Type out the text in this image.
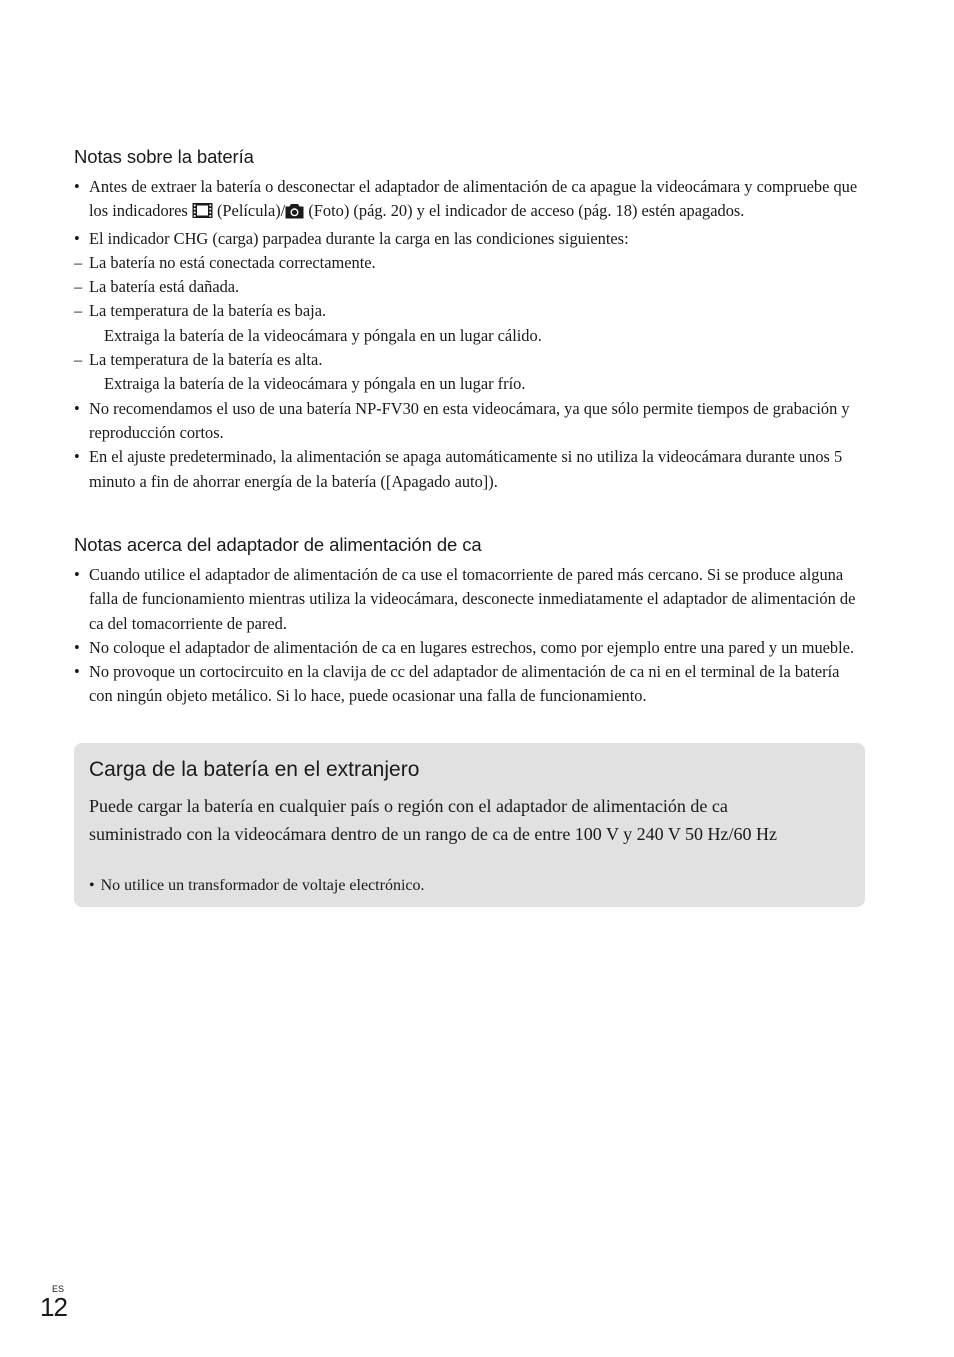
Notas sobre la batería
• Antes de extraer la batería o desconectar el adaptador de alimentación de ca apague la videocámara y compruebe que los indicadores  (Película)/ (Foto) (pág. 20) y el indicador de acceso (pág. 18) estén apagados.
• El indicador CHG (carga) parpadea durante la carga en las condiciones siguientes:
– La batería no está conectada correctamente.
– La batería está dañada.
– La temperatura de la batería es baja.
Extraiga la batería de la videocámara y póngala en un lugar cálido.
– La temperatura de la batería es alta.
Extraiga la batería de la videocámara y póngala en un lugar frío.
• No recomendamos el uso de una batería NP-FV30 en esta videocámara, ya que sólo permite tiempos de grabación y reproducción cortos.
• En el ajuste predeterminado, la alimentación se apaga automáticamente si no utiliza la videocámara durante unos 5 minuto a fin de ahorrar energía de la batería ([Apagado auto]).
Notas acerca del adaptador de alimentación de ca
• Cuando utilice el adaptador de alimentación de ca use el tomacorriente de pared más cercano. Si se produce alguna falla de funcionamiento mientras utiliza la videocámara, desconecte inmediatamente el adaptador de alimentación de ca del tomacorriente de pared.
• No coloque el adaptador de alimentación de ca en lugares estrechos, como por ejemplo entre una pared y un mueble.
• No provoque un cortocircuito en la clavija de cc del adaptador de alimentación de ca ni en el terminal de la batería con ningún objeto metálico. Si lo hace, puede ocasionar una falla de funcionamiento.
Carga de la batería en el extranjero

Puede cargar la batería en cualquier país o región con el adaptador de alimentación de ca suministrado con la videocámara dentro de un rango de ca de entre 100 V y 240 V 50 Hz/60 Hz

• No utilice un transformador de voltaje electrónico.

ES
12
